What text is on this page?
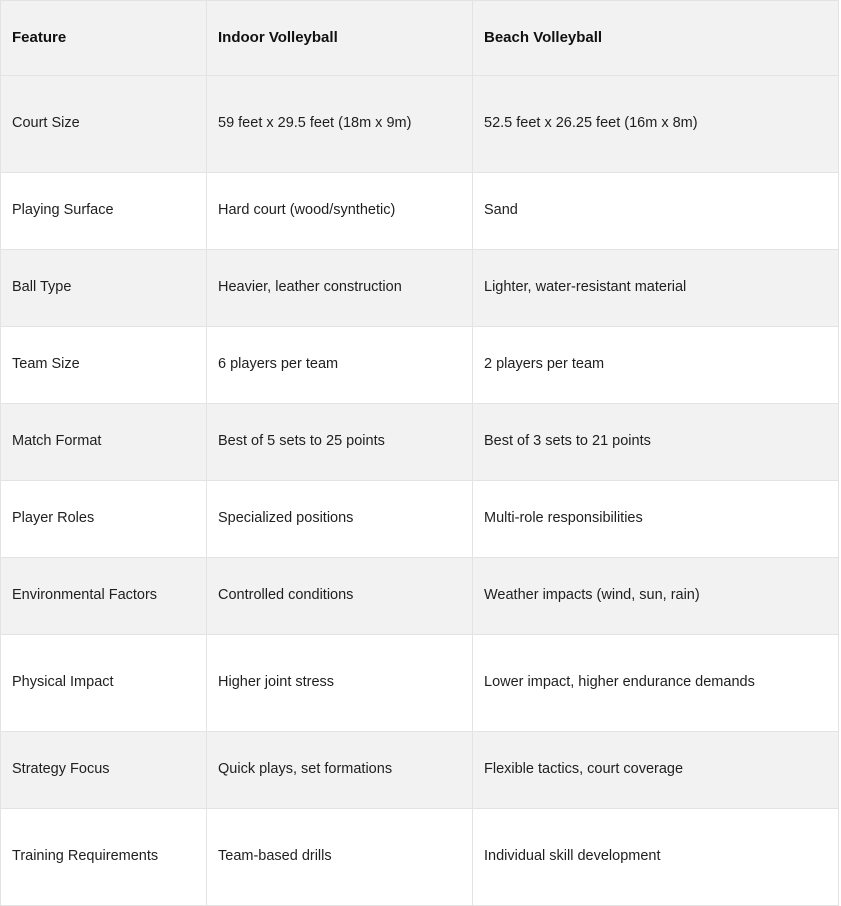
Feature	Indoor Volleyball	Beach Volleyball
Court Size	59 feet x 29.5 feet (18m x 9m)	52.5 feet x 26.25 feet (16m x 8m)
Playing Surface	Hard court (wood/synthetic)	Sand
Ball Type	Heavier, leather construction	Lighter, water-resistant material
Team Size	6 players per team	2 players per team
Match Format	Best of 5 sets to 25 points	Best of 3 sets to 21 points
Player Roles	Specialized positions	Multi-role responsibilities
Environmental Factors	Controlled conditions	Weather impacts (wind, sun, rain)
Physical Impact	Higher joint stress	Lower impact, higher endurance demands
Strategy Focus	Quick plays, set formations	Flexible tactics, court coverage
Training Requirements	Team-based drills	Individual skill development
